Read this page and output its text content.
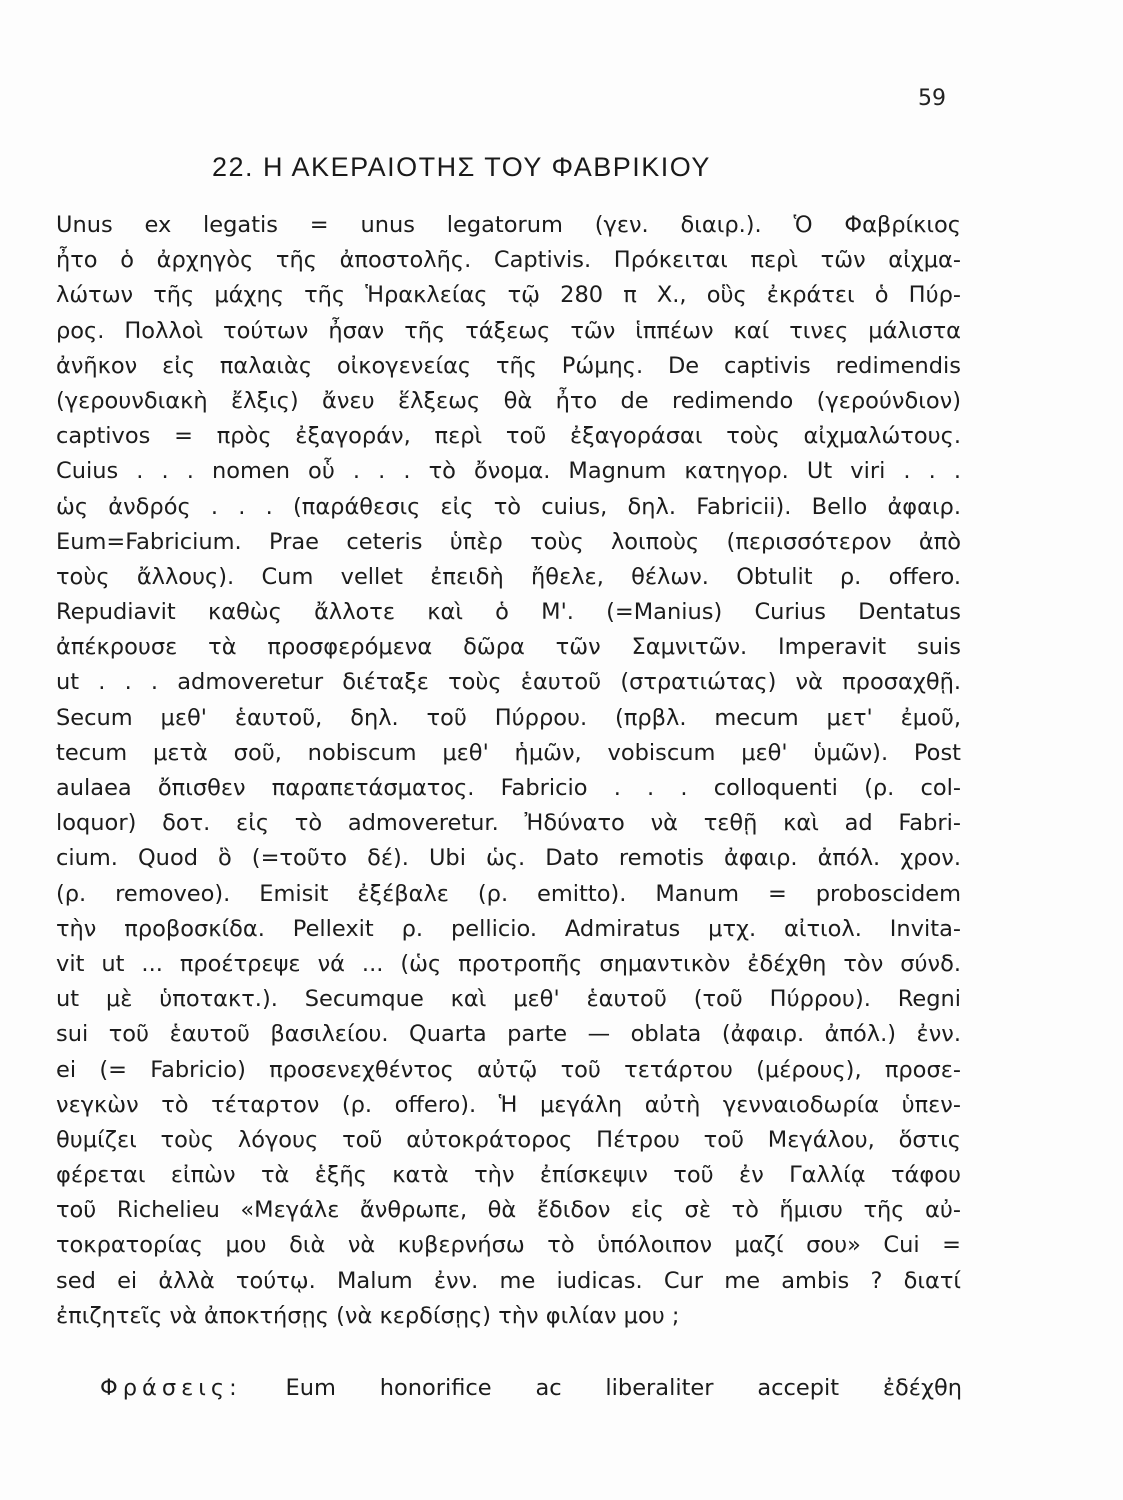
59
22. Η ΑΚΕΡΑΙΟΤΗΣ ΤΟΥ ΦΑΒΡΙΚΙΟΥ
Unus ex legatis = unus legatorum (γεν. διαιρ.). Ὁ Φαβρίκιος
ἦτο ὁ ἀρχηγὸς τῆς ἀποστολῆς. Captivis. Πρόκειται περὶ τῶν αἰχμα-
λώτων τῆς μάχης τῆς Ἡρακλείας τῷ 280 π Χ., οὓς ἐκράτει ὁ Πύρ-
ρος. Πολλοὶ τούτων ἦσαν τῆς τάξεως τῶν ἱππέων καί τινες μάλιστα
ἀνῆκον εἰς παλαιὰς οἰκογενείας τῆς Ρώμης. De captivis redimendis
(γερουνδιακὴ ἔλξις) ἄνευ ἕλξεως θὰ ἦτο de redimendo (γερούνδιον)
captivos = πρὸς ἐξαγοράν, περὶ τοῦ ἐξαγοράσαι τοὺς αἰχμαλώτους.
Cuius . . . nomen οὗ . . . τὸ ὄνομα. Magnum κατηγορ. Ut viri . . .
ὡς ἀνδρός . . . (παράθεσις εἰς τὸ cuius, δηλ. Fabricii). Bello ἀφαιρ.
Eum=Fabricium. Prae ceteris ὑπὲρ τοὺς λοιποὺς (περισσότερον ἀπὸ
τοὺς ἄλλους). Cum vellet ἐπειδὴ ἤθελε, θέλων. Obtulit ρ. offero.
Repudiavit καθὼς ἄλλοτε καὶ ὁ Μ'. (=Manius) Curius Dentatus
ἀπέκρουσε τὰ προσφερόμενα δῶρα τῶν Σαμνιτῶν. Imperavit suis
ut . . . admoveretur διέταξε τοὺς ἑαυτοῦ (στρατιώτας) νὰ προσαχθῇ.
Secum μεθ' ἑαυτοῦ, δηλ. τοῦ Πύρρου. (πρβλ. mecum μετ' ἐμοῦ,
tecum μετὰ σοῦ, nobiscum μεθ' ἡμῶν, vobiscum μεθ' ὑμῶν). Post
aulaea ὄπισθεν παραπετάσματος. Fabricio . . . colloquenti (ρ. col-
loquor) δοτ. εἰς τὸ admoveretur. Ἠδύνατο νὰ τεθῇ καὶ ad Fabri-
cium. Quod ὃ (=τοῦτο δέ). Ubi ὡς. Dato remotis ἀφαιρ. ἀπόλ. χρον.
(ρ. removeo). Emisit ἐξέβαλε (ρ. emitto). Manum = proboscidem
τὴν προβοσκίδα. Pellexit ρ. pellicio. Admiratus μτχ. αἰτιολ. Invita-
vit ut ... προέτρεψε νά ... (ὡς προτροπῆς σημαντικὸν ἐδέχθη τὸν σύνδ.
ut μὲ ὑποτακτ.). Secumque καὶ μεθ' ἑαυτοῦ (τοῦ Πύρρου). Regni
sui τοῦ ἑαυτοῦ βασιλείου. Quarta parte — oblata (ἀφαιρ. ἀπόλ.) ἐνν.
ei (= Fabricio) προσενεχθέντος αὐτῷ τοῦ τετάρτου (μέρους), προσε-
νεγκὼν τὸ τέταρτον (ρ. offero). Ἡ μεγάλη αὐτὴ γενναιοδωρία ὑπεν-
θυμίζει τοὺς λόγους τοῦ αὐτοκράτορος Πέτρου τοῦ Μεγάλου, ὅστις
φέρεται εἰπὼν τὰ ἑξῆς κατὰ τὴν ἐπίσκεψιν τοῦ ἐν Γαλλίᾳ τάφου
τοῦ Richelieu «Μεγάλε ἄνθρωπε, θὰ ἔδιδον εἰς σὲ τὸ ἥμισυ τῆς αὐ-
τοκρατορίας μου διὰ νὰ κυβερνήσω τὸ ὑπόλοιπον μαζί σου» Cui =
sed ei ἀλλὰ τούτῳ. Malum ἐνν. me iudicas. Cur me ambis ? διατί
ἐπιζητεῖς νὰ ἀποκτήσῃς (νὰ κερδίσῃς) τὴν φιλίαν μου ;
Φράσεις: Eum honorifice ac liberaliter accepit ἐδέχθη
